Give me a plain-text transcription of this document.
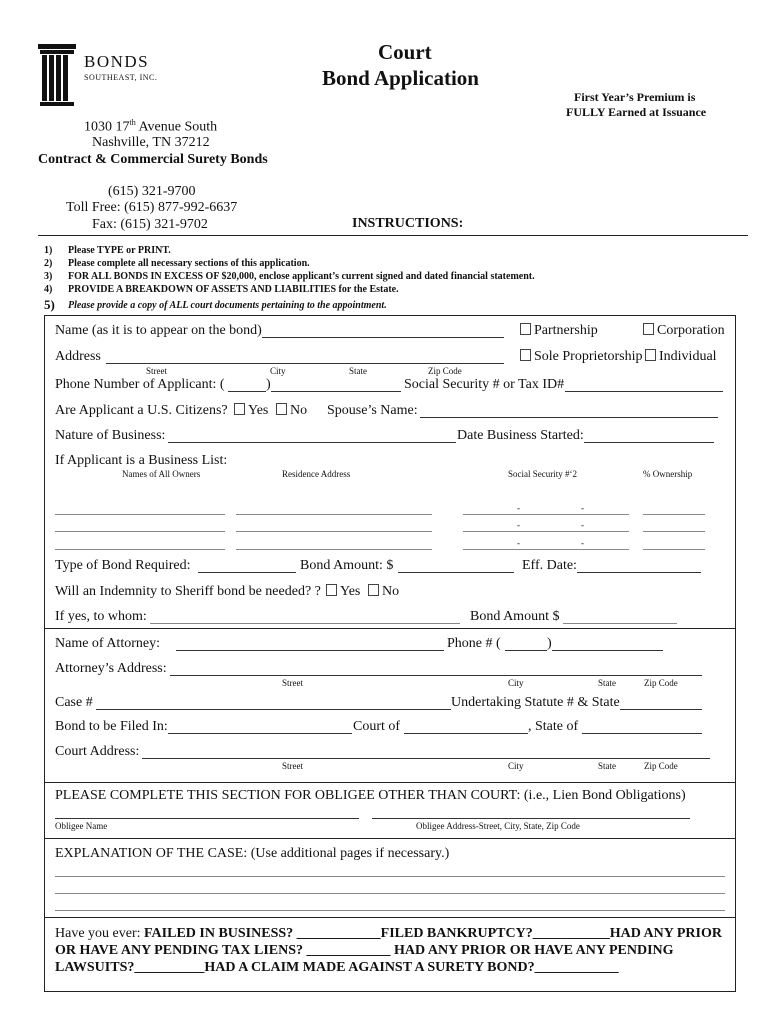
BONDS
SOUTHEAST, INC.
Court
Bond Application
First Year’s Premium is
FULLY Earned at Issuance
1030 17th Avenue South
Nashville, TN 37212
Contract & Commercial Surety Bonds
(615) 321-9700
Toll Free: (615) 877-992-6637
Fax: (615) 321-9702	INSTRUCTIONS:
1) Please TYPE or PRINT.
2) Please complete all necessary sections of this application.
3) FOR ALL BONDS IN EXCESS OF $20,000, enclose applicant’s current signed and dated financial statement.
4) PROVIDE A BREAKDOWN OF ASSETS AND LIABILITIES for the Estate.
5) Please provide a copy of ALL court documents pertaining to the appointment.
Name (as it is to appear on the bond)	Partnership	Corporation
Address	Sole Proprietorship	Individual
Street	City	State	Zip Code
Phone Number of Applicant: (	)	Social Security # or Tax ID#
Are Applicant a U.S. Citizens?	Yes	No Spouse’s Name:
Nature of Business:	Date Business Started:
If Applicant is a Business List:
Names of All Owners	Residence Address	Social Security #‘2	% Ownership
-	-
-	-
-	-
Type of Bond Required:	Bond Amount: $	Eff. Date:
Will an Indemnity to Sheriff bond be needed? ?	Yes	No
If yes, to whom:	Bond Amount $
Name of Attorney:	Phone # (	)
Attorney’s Address:
Street	City	State	Zip Code
Case #	Undertaking Statute # & State
Bond to be Filed In:	Court of	, State of
Court Address:
Street	City	State	Zip Code
PLEASE COMPLETE THIS SECTION FOR OBLIGEE OTHER THAN COURT: (i.e., Lien Bond Obligations)
Obligee Name	Obligee Address-Street, City, State, Zip Code
EXPLANATION OF THE CASE: (Use additional pages if necessary.)
Have you ever: FAILED IN BUSINESS? ____________FILED BANKRUPTCY?___________HAD ANY PRIOR
OR HAVE ANY PENDING TAX LIENS? ____________ HAD ANY PRIOR OR HAVE ANY PENDING
LAWSUITS?__________HAD A CLAIM MADE AGAINST A SURETY BOND?____________
